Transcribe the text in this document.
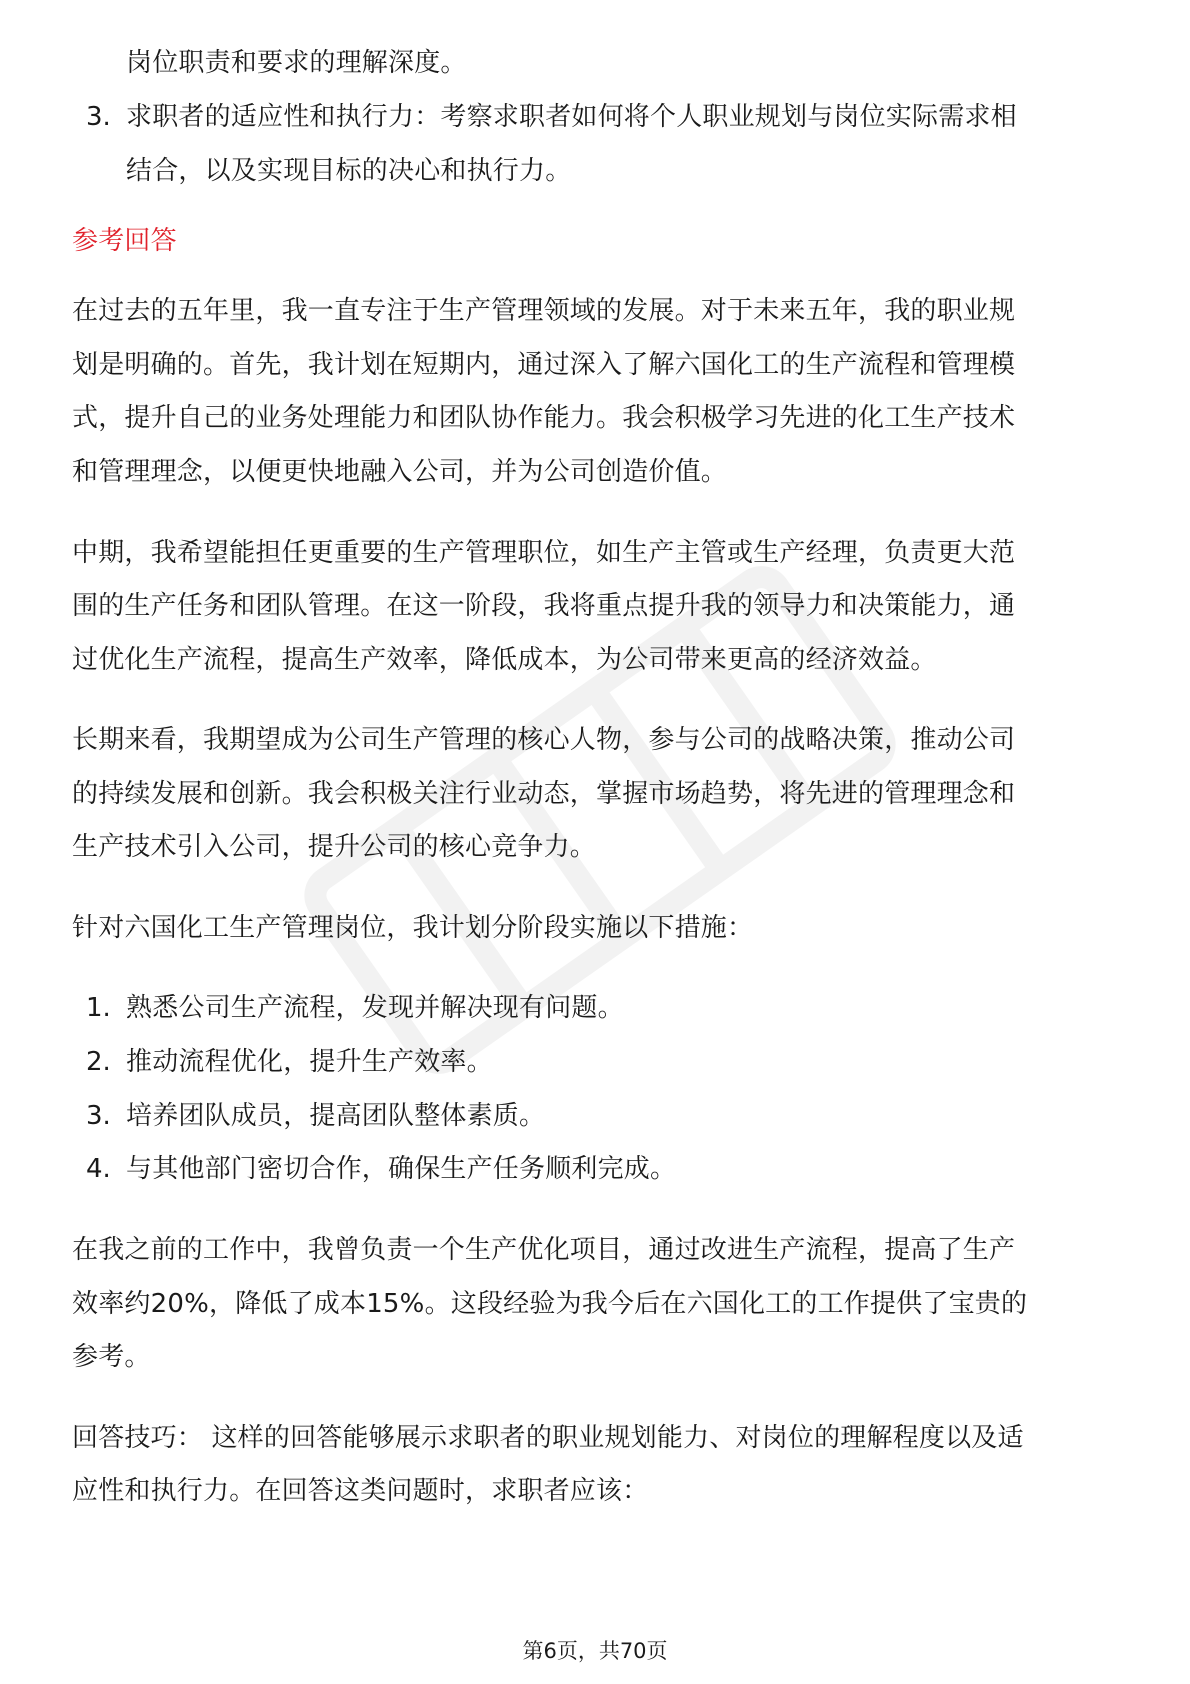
岗位职责和要求的理解深度。
3. 求职者的适应性和执行力：考察求职者如何将个人职业规划与岗位实际需求相
结合，以及实现目标的决心和执行力。
参考回答
在过去的五年里，我一直专注于生产管理领域的发展。对于未来五年，我的职业规
划是明确的。首先，我计划在短期内，通过深入了解六国化工的生产流程和管理模
式，提升自己的业务处理能力和团队协作能力。我会积极学习先进的化工生产技术
和管理理念，以便更快地融入公司，并为公司创造价值。
中期，我希望能担任更重要的生产管理职位，如生产主管或生产经理，负责更大范
围的生产任务和团队管理。在这一阶段，我将重点提升我的领导力和决策能力，通
过优化生产流程，提高生产效率，降低成本，为公司带来更高的经济效益。
长期来看，我期望成为公司生产管理的核心人物，参与公司的战略决策，推动公司
的持续发展和创新。我会积极关注行业动态，掌握市场趋势，将先进的管理理念和
生产技术引入公司，提升公司的核心竞争力。
针对六国化工生产管理岗位，我计划分阶段实施以下措施：
1. 熟悉公司生产流程，发现并解决现有问题。
2. 推动流程优化，提升生产效率。
3. 培养团队成员，提高团队整体素质。
4. 与其他部门密切合作，确保生产任务顺利完成。
在我之前的工作中，我曾负责一个生产优化项目，通过改进生产流程，提高了生产
效率约20%，降低了成本15%。这段经验为我今后在六国化工的工作提供了宝贵的
参考。
回答技巧： 这样的回答能够展示求职者的职业规划能力、对岗位的理解程度以及适
应性和执行力。在回答这类问题时，求职者应该：
第6页，共70页
